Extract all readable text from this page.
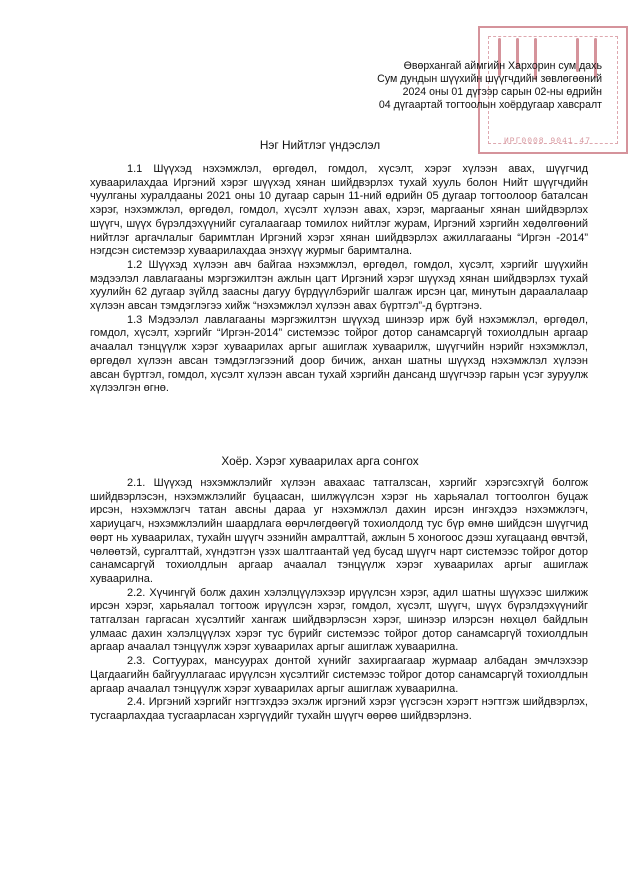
ИРГ0008 9041 47
Өвөрхангай аймгийн Хархорин сум дахь
Сум дундын шүүхийн шүүгчдийн зөвлөгөөний
2024 оны 01 дүгээр сарын 02-ны өдрийн
04 дүгаартай тогтоолын хоёрдугаар хавсралт
Нэг Нийтлэг үндэслэл

1.1 Шүүхэд нэхэмжлэл, өргөдөл, гомдол, хүсэлт, хэрэг хүлээн авах, шүүгчид хуваарилахдаа Иргэний хэрэг шүүхэд хянан шийдвэрлэх тухай хууль болон Нийт шүүгчдийн чуулганы хуралдааны 2021 оны 10 дугаар сарын 11-ний өдрийн 05 дугаар тогтоолоор баталсан хэрэг, нэхэмжлэл, өргөдөл, гомдол, хүсэлт хүлээн авах, хэрэг, маргааныг хянан шийдвэрлэх шүүгч, шүүх бүрэлдэхүүнийг сугалаагаар томилох нийтлэг журам, Иргэний хэргийн хөдөлгөөний нийтлэг аргачлалыг баримтлан Иргэний хэрэг хянан шийдвэрлэх ажиллагааны “Иргэн -2014” нэгдсэн системээр хуваарилахдаа энэхүү журмыг баримтална.

1.2 Шүүхэд хүлээн авч байгаа нэхэмжлэл, өргөдөл, гомдол, хүсэлт, хэргийг шүүхийн мэдээлэл лавлагааны мэргэжилтэн ажлын цагт Иргэний хэрэг шүүхэд хянан шийдвэрлэх тухай хуулийн 62 дугаар зүйлд заасны дагуу бүрдүүлбэрийг шалгаж ирсэн цаг, минутын дараалалаар хүлээн авсан тэмдэглэгээ хийж “нэхэмжлэл хүлээн авах бүртгэл”-д бүртгэнэ.

1.3 Мэдээлэл лавлагааны мэргэжилтэн шүүхэд шинээр ирж буй нэхэмжлэл, өргөдөл, гомдол, хүсэлт, хэргийг “Иргэн-2014” системээс тойрог дотор санамсаргүй тохиолдлын аргаар ачаалал тэнцүүлж хэрэг хуваарилах аргыг ашиглаж хуваарилж, шүүгчийн нэрийг нэхэмжлэл, өргөдөл хүлээн авсан тэмдэглэгээний доор бичиж, анхан шатны шүүхэд нэхэмжлэл хүлээн авсан бүртгэл, гомдол, хүсэлт хүлээн авсан тухай хэргийн дансанд шүүгчээр гарын үсэг зуруулж хүлээлгэн өгнө.

Хоёр. Хэрэг хуваарилах арга сонгох

2.1. Шүүхэд нэхэмжлэлийг хүлээн авахаас татгалзсан, хэргийг хэрэгсэхгүй болгож шийдвэрлэсэн, нэхэмжлэлийг буцаасан, шилжүүлсэн хэрэг нь харьяалал тогтоолгон буцаж ирсэн, нэхэмжлэгч татан авсны дараа уг нэхэмжлэл дахин ирсэн ингэхдээ нэхэмжлэгч, хариуцагч, нэхэмжлэлийн шаардлага өөрчлөгдөөгүй тохиолдолд тус бүр өмнө шийдсэн шүүгчид өөрт нь хуваарилах, тухайн шүүгч эзэнийн амралттай, ажлын 5 хоногоос дээш хугацаанд өвчтэй, чөлөөтэй, сургалттай, хүндэтгэн үзэх шалтгаантай үед бусад шүүгч нарт системээс тойрог дотор санамсаргүй тохиолдлын аргаар ачаалал тэнцүүлж хэрэг хуваарилах аргыг ашиглаж хуваарилна.

2.2. Хүчингүй болж дахин хэлэлцүүлэхээр ирүүлсэн хэрэг, адил шатны шүүхээс шилжиж ирсэн хэрэг, харьяалал тогтоож ирүүлсэн хэрэг, гомдол, хүсэлт, шүүгч, шүүх бүрэлдэхүүнийг татгалзан гаргасан хүсэлтийг хангаж шийдвэрлэсэн хэрэг, шинээр илэрсэн нөхцөл байдлын улмаас дахин хэлэлцүүлэх хэрэг тус бүрийг системээс тойрог дотор санамсаргүй тохиолдлын аргаар ачаалал тэнцүүлж хэрэг хуваарилах аргыг ашиглаж хуваарилна.

2.3. Согтуурах, мансуурах донтой хүнийг захиргаагаар журмаар албадан эмчлэхээр Цагдаагийн байгууллагаас ирүүлсэн хүсэлтийг системээс тойрог дотор санамсаргүй тохиолдлын аргаар ачаалал тэнцүүлж хэрэг хуваарилах аргыг ашиглаж хуваарилна.

2.4. Иргэний хэргийг нэгтгэхдээ эхэлж иргэний хэрэг үүсгэсэн хэрэгт нэгтгэж шийдвэрлэх, тусгаарлахдаа тусгаарласан хэргүүдийг тухайн шүүгч өөрөө шийдвэрлэнэ.
